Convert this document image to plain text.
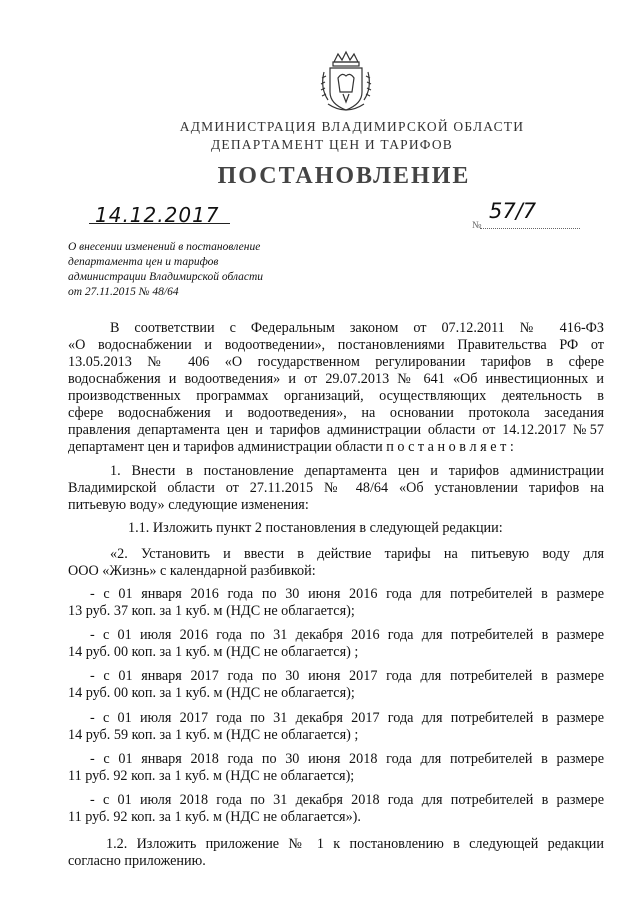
АДМИНИСТРАЦИЯ ВЛАДИМИРСКОЙ ОБЛАСТИ
ДЕПАРТАМЕНТ ЦЕН И ТАРИФОВ
ПОСТАНОВЛЕНИЕ
14.12.2017	№
57/7
О внесении изменений в постановление
департамента цен и тарифов
администрации Владимирской области
от 27.11.2015 № 48/64
В соответствии с Федеральным законом от 07.12.2011 № 416-ФЗ
«О водоснабжении и водоотведении», постановлениями Правительства РФ от
13.05.2013 № 406 «О государственном регулировании тарифов в сфере
водоснабжения и водоотведения» и от 29.07.2013 № 641 «Об инвестиционных и
производственных программах организаций, осуществляющих деятельность в
сфере водоснабжения и водоотведения», на основании протокола заседания
правления департамента цен и тарифов администрации области от 14.12.2017 №57
департамент цен и тарифов администрации области п о с т а н о в л я е т :
1. Внести в постановление департамента цен и тарифов администрации
Владимирской области от 27.11.2015 № 48/64 «Об установлении тарифов на
питьевую воду» следующие изменения:
1.1. Изложить пункт 2 постановления в следующей редакции:
«2. Установить и ввести в действие тарифы на питьевую воду для
ООО «Жизнь» с календарной разбивкой:
- с 01 января 2016 года по 30 июня 2016 года для потребителей в размере
13 руб. 37 коп. за 1 куб. м (НДС не облагается);
- с 01 июля 2016 года по 31 декабря 2016 года для потребителей в размере
14 руб. 00 коп. за 1 куб. м (НДС не облагается) ;
- с 01 января 2017 года по 30 июня 2017 года для потребителей в размере
14 руб. 00 коп. за 1 куб. м (НДС не облагается);
- с 01 июля 2017 года по 31 декабря 2017 года для потребителей в размере
14 руб. 59 коп. за 1 куб. м (НДС не облагается) ;
- с 01 января 2018 года по 30 июня 2018 года для потребителей в размере
11 руб. 92 коп. за 1 куб. м (НДС не облагается);
- с 01 июля 2018 года по 31 декабря 2018 года для потребителей в размере
11 руб. 92 коп. за 1 куб. м (НДС не облагается»).
1.2. Изложить приложение № 1 к постановлению в следующей редакции
согласно приложению.
